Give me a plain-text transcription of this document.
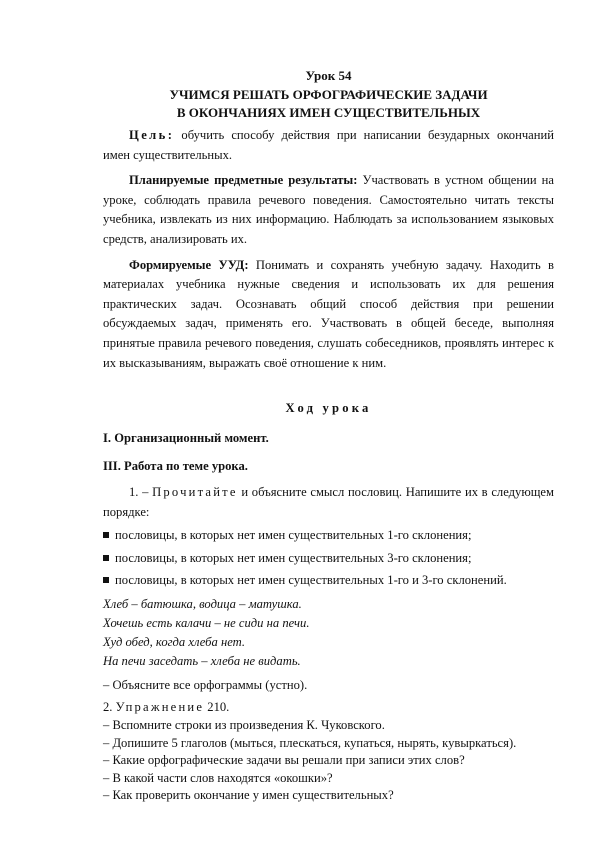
Урок 54
УЧИМСЯ РЕШАТЬ ОРФОГРАФИЧЕСКИЕ ЗАДАЧИ
В ОКОНЧАНИЯХ ИМЕН СУЩЕСТВИТЕЛЬНЫХ

Цель: обучить способу действия при написании безударных окончаний имен существительных.

Планируемые предметные результаты: Участвовать в устном общении на уроке, соблюдать правила речевого поведения. Самостоятельно читать тексты учебника, извлекать из них информацию. Наблюдать за использованием языковых средств, анализировать их.

Формируемые УУД: Понимать и сохранять учебную задачу. Находить в материалах учебника нужные сведения и использовать их для решения практических задач. Осознавать общий способ действия при решении обсуждаемых задач, применять его. Участвовать в общей беседе, выполняя принятые правила речевого поведения, слушать собеседников, проявлять интерес к их высказываниям, выражать своё отношение к ним.

Ход урока
I. Организационный момент.
III. Работа по теме урока.

1. – Прочитайте и объясните смысл пословиц. Напишите их в следующем порядке:

пословицы, в которых нет имен существительных 1-го склонения;
пословицы, в которых нет имен существительных 3-го склонения;
пословицы, в которых нет имен существительных 1-го и 3-го склонений.
Хлеб – батюшка, водица – матушка.
Хочешь есть калачи – не сиди на печи.
Худ обед, когда хлеба нет.
На печи заседать – хлеба не видать.
– Объясните все орфограммы (устно).
2. Упражнение 210.
– Вспомните строки из произведения К. Чуковского.

– Допишите 5 глаголов (мыться, плескаться, купаться, нырять, кувыркаться).

– Какие орфографические задачи вы решали при записи этих слов?
– В какой части слов находятся «окошки»?
– Как проверить окончание у имен существительных?
